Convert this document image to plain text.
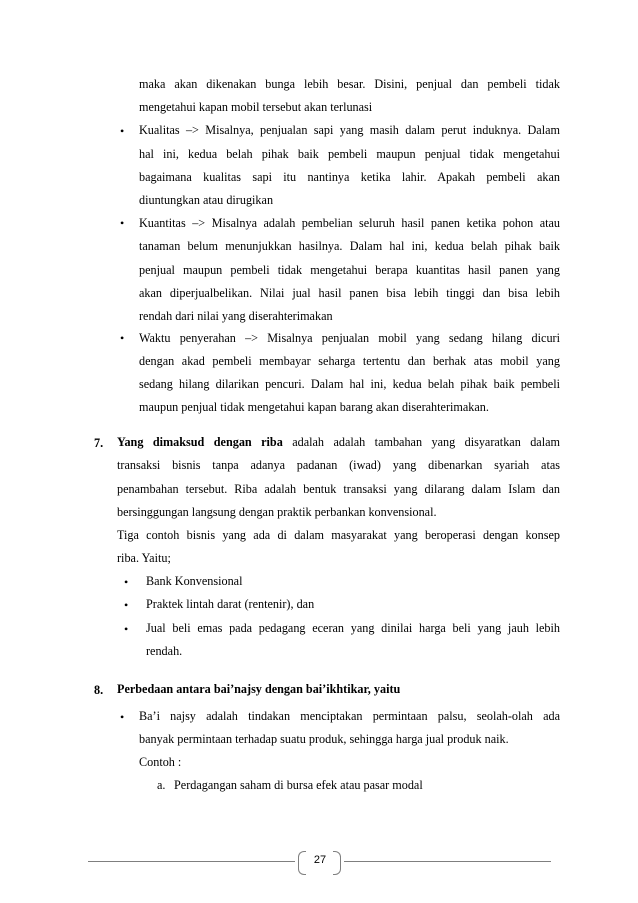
maka akan dikenakan bunga lebih besar. Disini, penjual dan pembeli tidak
mengetahui kapan mobil tersebut akan terlunasi
• Kualitas –> Misalnya, penjualan sapi yang masih dalam perut induknya. Dalam
hal ini, kedua belah pihak baik pembeli maupun penjual tidak mengetahui
bagaimana kualitas sapi itu nantinya ketika lahir. Apakah pembeli akan
diuntungkan atau dirugikan
• Kuantitas –> Misalnya adalah pembelian seluruh hasil panen ketika pohon atau
tanaman belum menunjukkan hasilnya. Dalam hal ini, kedua belah pihak baik
penjual maupun pembeli tidak mengetahui berapa kuantitas hasil panen yang
akan diperjualbelikan. Nilai jual hasil panen bisa lebih tinggi dan bisa lebih
rendah dari nilai yang diserahterimakan
• Waktu penyerahan –> Misalnya penjualan mobil yang sedang hilang dicuri
dengan akad pembeli membayar seharga tertentu dan berhak atas mobil yang
sedang hilang dilarikan pencuri. Dalam hal ini, kedua belah pihak baik pembeli
maupun penjual tidak mengetahui kapan barang akan diserahterimakan.
7. Yang dimaksud dengan riba adalah adalah tambahan yang disyaratkan dalam
transaksi bisnis tanpa adanya padanan (iwad) yang dibenarkan syariah atas
penambahan tersebut. Riba adalah bentuk transaksi yang dilarang dalam Islam dan
bersinggungan langsung dengan praktik perbankan konvensional.
Tiga contoh bisnis yang ada di dalam masyarakat yang beroperasi dengan konsep
riba. Yaitu;
• Bank Konvensional
• Praktek lintah darat (rentenir), dan
• Jual beli emas pada pedagang eceran yang dinilai harga beli yang jauh lebih
rendah.
8. Perbedaan antara bai’najsy dengan bai’ikhtikar, yaitu
• Ba’i najsy adalah tindakan menciptakan permintaan palsu, seolah-olah ada
banyak permintaan terhadap suatu produk, sehingga harga jual produk naik.
Contoh :
a. Perdagangan saham di bursa efek atau pasar modal
27
